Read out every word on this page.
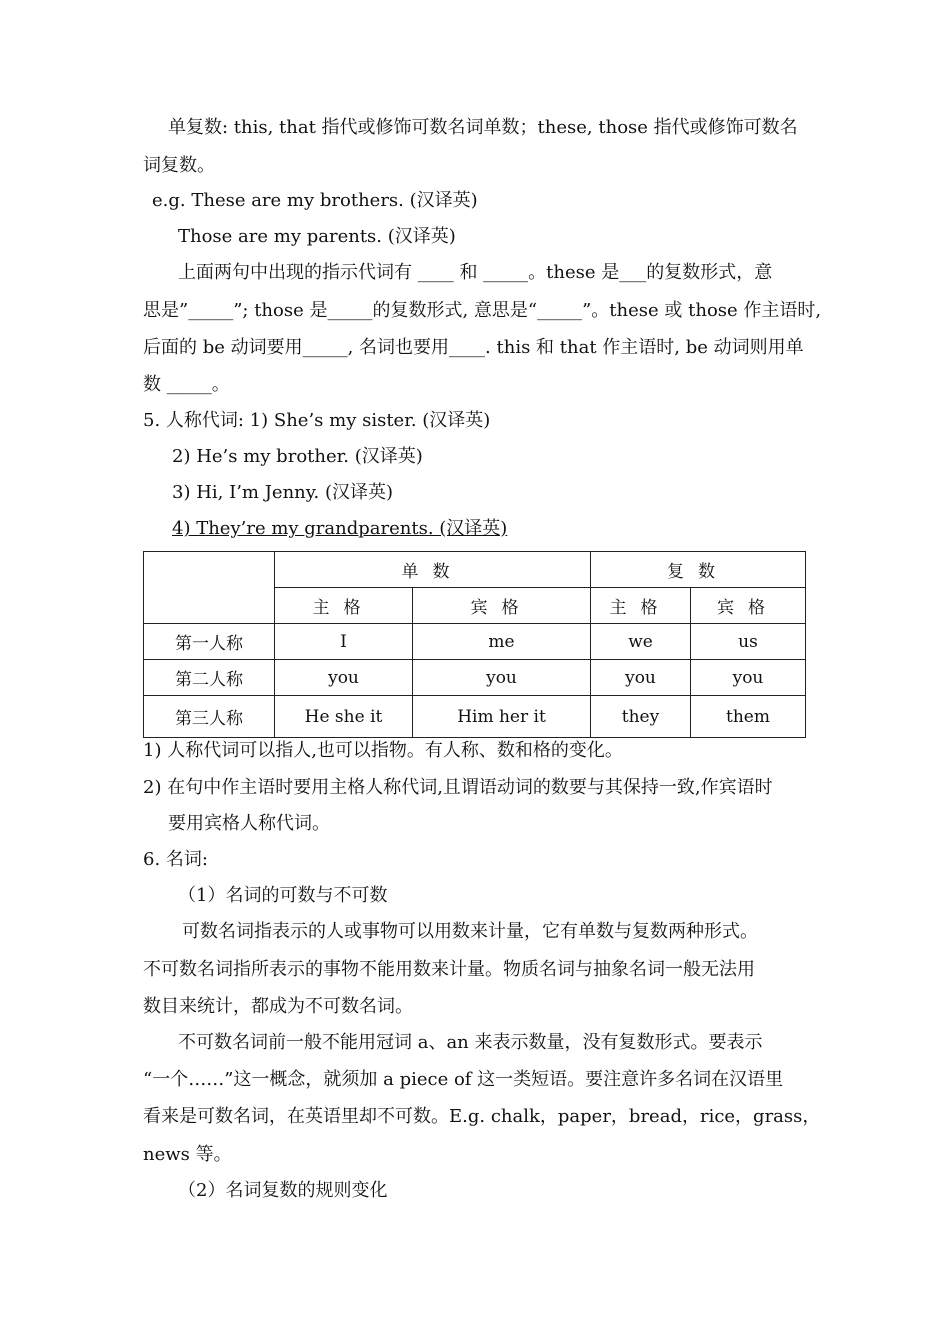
单复数: this, that 指代或修饰可数名词单数；these, those 指代或修饰可数名
词复数。
e.g. These are my brothers. (汉译英)
Those are my parents. (汉译英)
上面两句中出现的指示代词有 ____ 和 _____。these 是___的复数形式，意
思是”_____”; those 是_____的复数形式, 意思是“_____”。these 或 those 作主语时,
后面的 be 动词要用_____, 名词也要用____. this 和 that 作主语时, be 动词则用单
数 _____。
5. 人称代词: 1) She’s my sister. (汉译英)
2) He’s my brother. (汉译英)
3) Hi, I’m Jenny. (汉译英)
4) They’re my grandparents. (汉译英)
	单数		复数	
	主格	宾格	主格	宾格
第一人称	I	me	we	us
第二人称	you	you	you	you
第三人称	He she it	Him her it	they	them
1) 人称代词可以指人,也可以指物。有人称、数和格的变化。
2) 在句中作主语时要用主格人称代词,且谓语动词的数要与其保持一致,作宾语时
要用宾格人称代词。
6. 名词:
（1）名词的可数与不可数
可数名词指表示的人或事物可以用数来计量，它有单数与复数两种形式。
不可数名词指所表示的事物不能用数来计量。物质名词与抽象名词一般无法用
数目来统计，都成为不可数名词。
不可数名词前一般不能用冠词 a、an 来表示数量，没有复数形式。要表示
“一个……”这一概念，就须加 a piece of 这一类短语。要注意许多名词在汉语里
看来是可数名词，在英语里却不可数。E.g. chalk，paper，bread，rice，grass，
news 等。
（2）名词复数的规则变化
